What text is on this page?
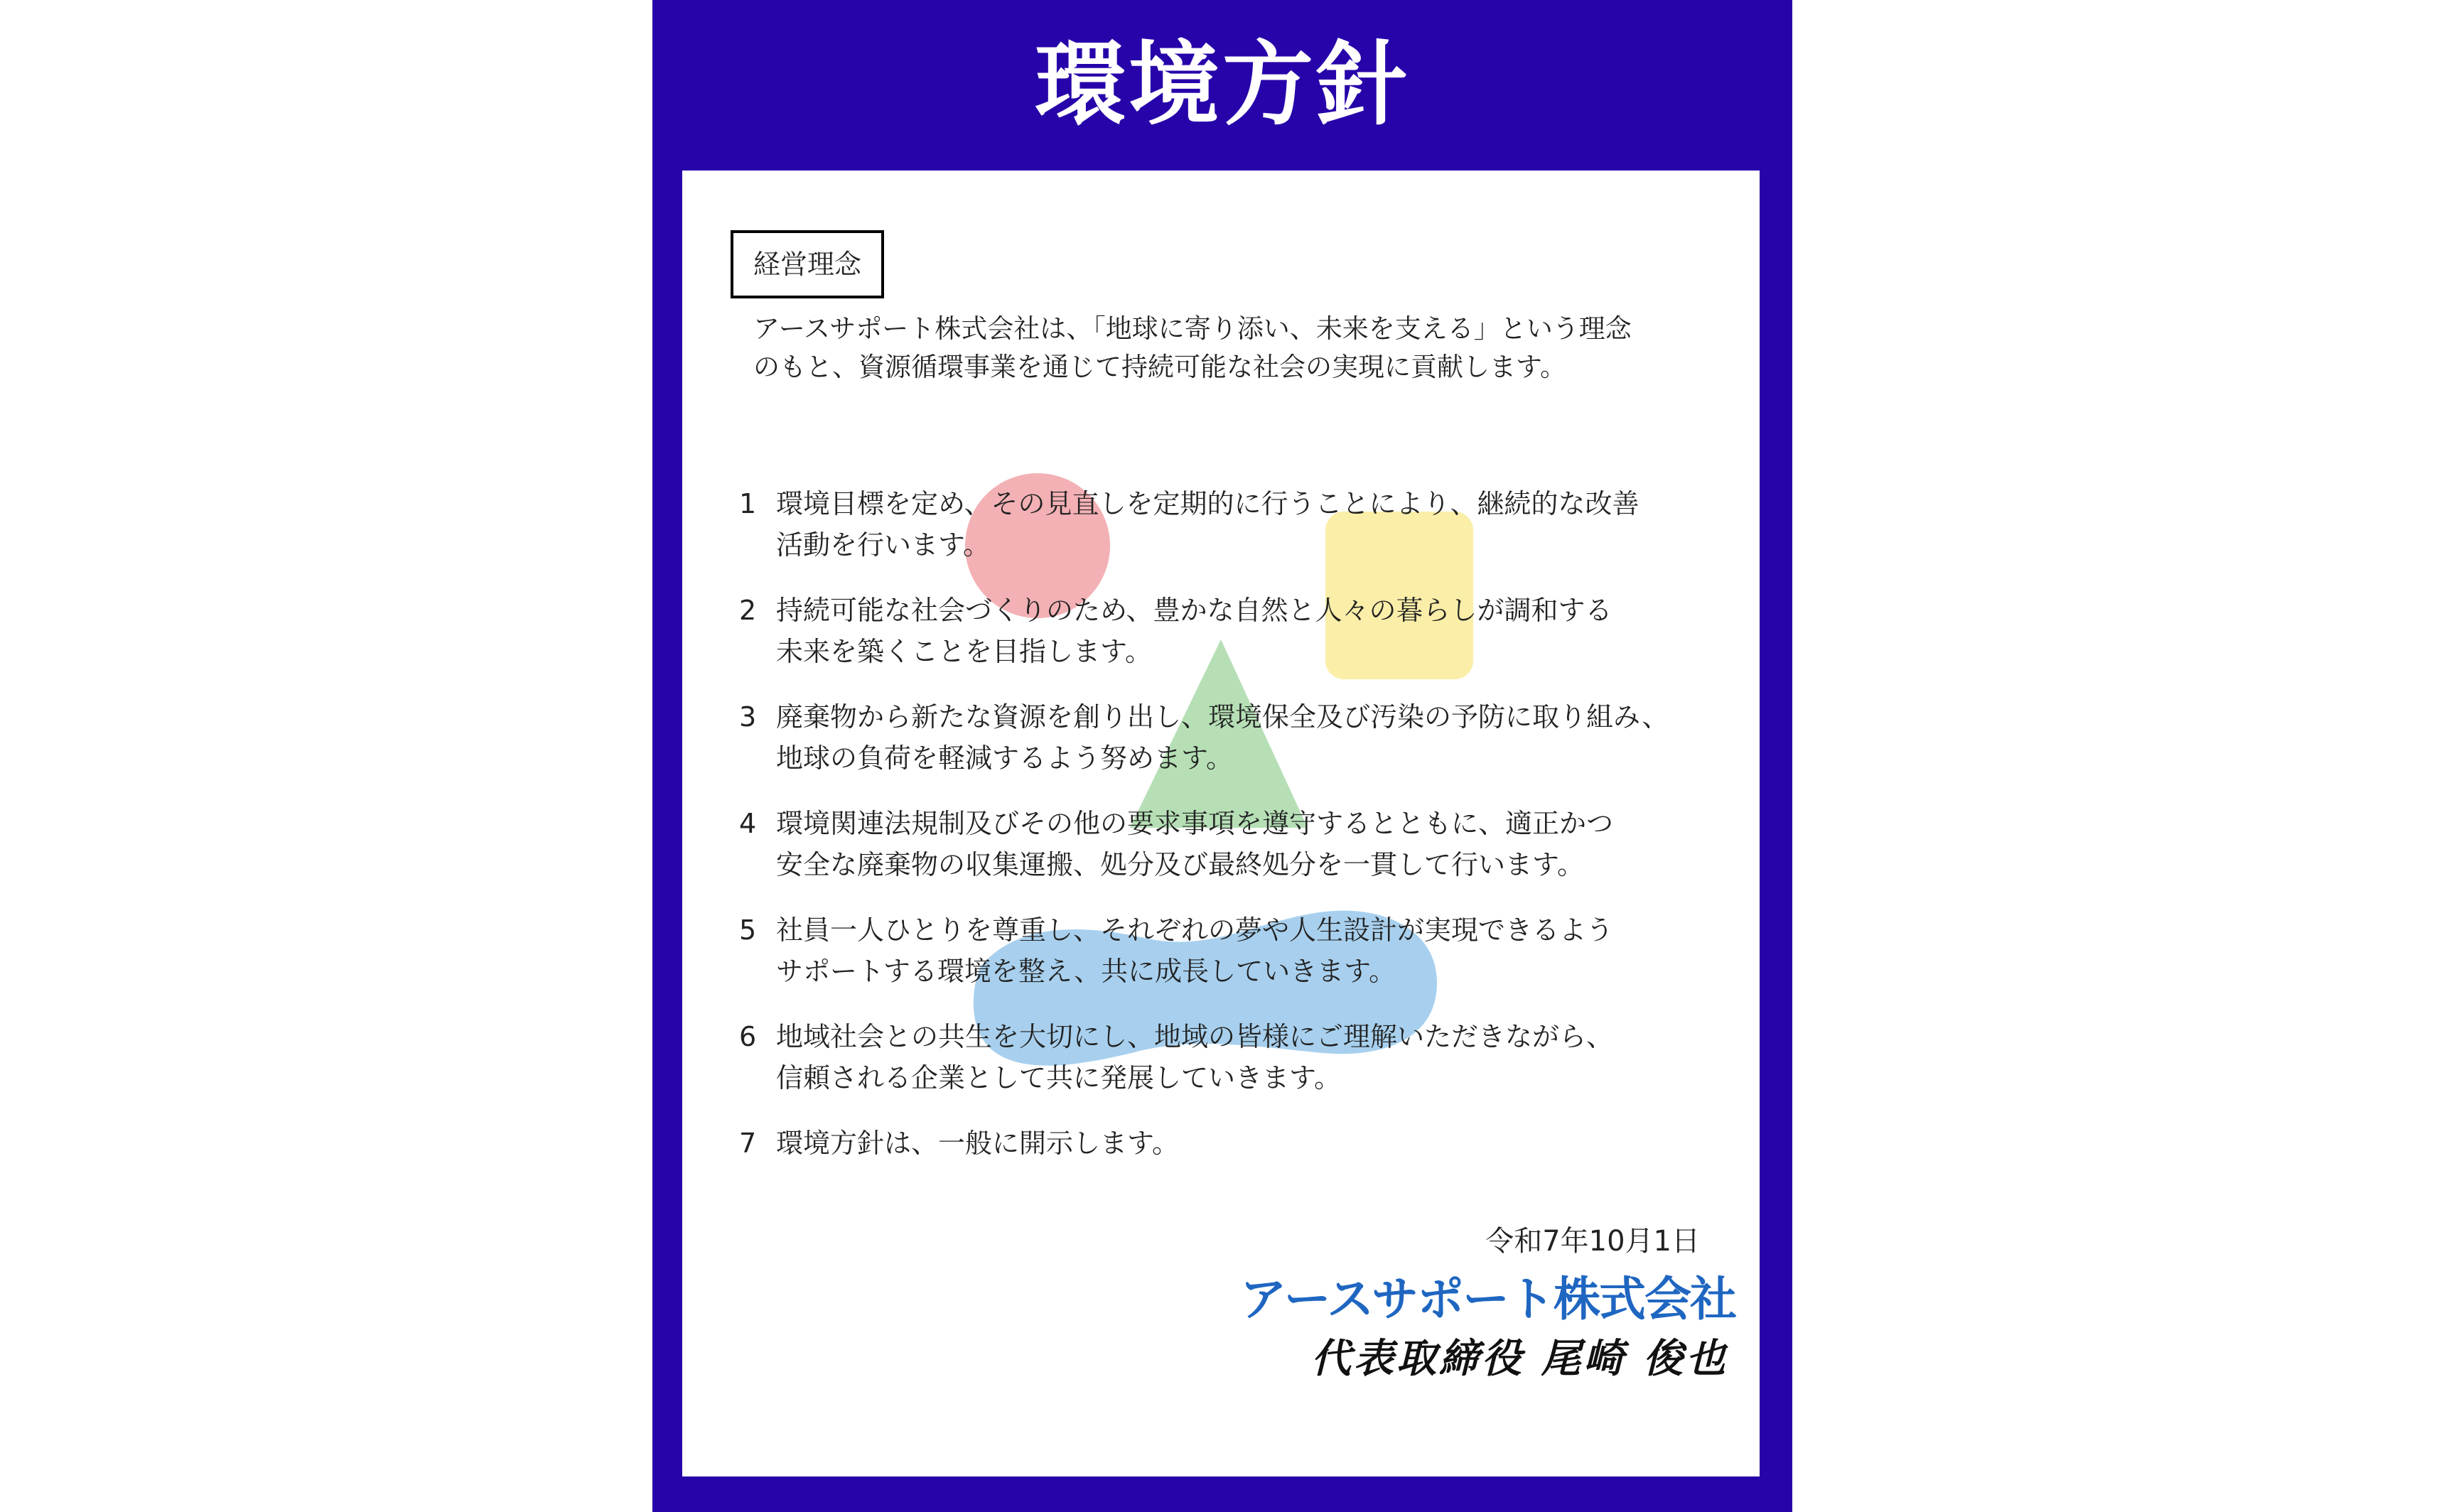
環境方針
経営理念
アースサポート株式会社は、「地球に寄り添い、未来を支える」という理念
のもと、資源循環事業を通じて持続可能な社会の実現に貢献します。
1 環境目標を定め、その見直しを定期的に行うことにより、継続的な改善
活動を行います。
2 持続可能な社会づくりのため、豊かな自然と人々の暮らしが調和する
未来を築くことを目指します。
3 廃棄物から新たな資源を創り出し、環境保全及び汚染の予防に取り組み、
地球の負荷を軽減するよう努めます。
4 環境関連法規制及びその他の要求事項を遵守するとともに、適正かつ
安全な廃棄物の収集運搬、処分及び最終処分を一貫して行います。
5 社員一人ひとりを尊重し、それぞれの夢や人生設計が実現できるよう
サポートする環境を整え、共に成長していきます。
6 地域社会との共生を大切にし、地域の皆様にご理解いただきながら、
信頼される企業として共に発展していきます。
7 環境方針は、一般に開示します。
令和7年10月1日
アースサポート株式会社
代表取締役 尾崎 俊也
